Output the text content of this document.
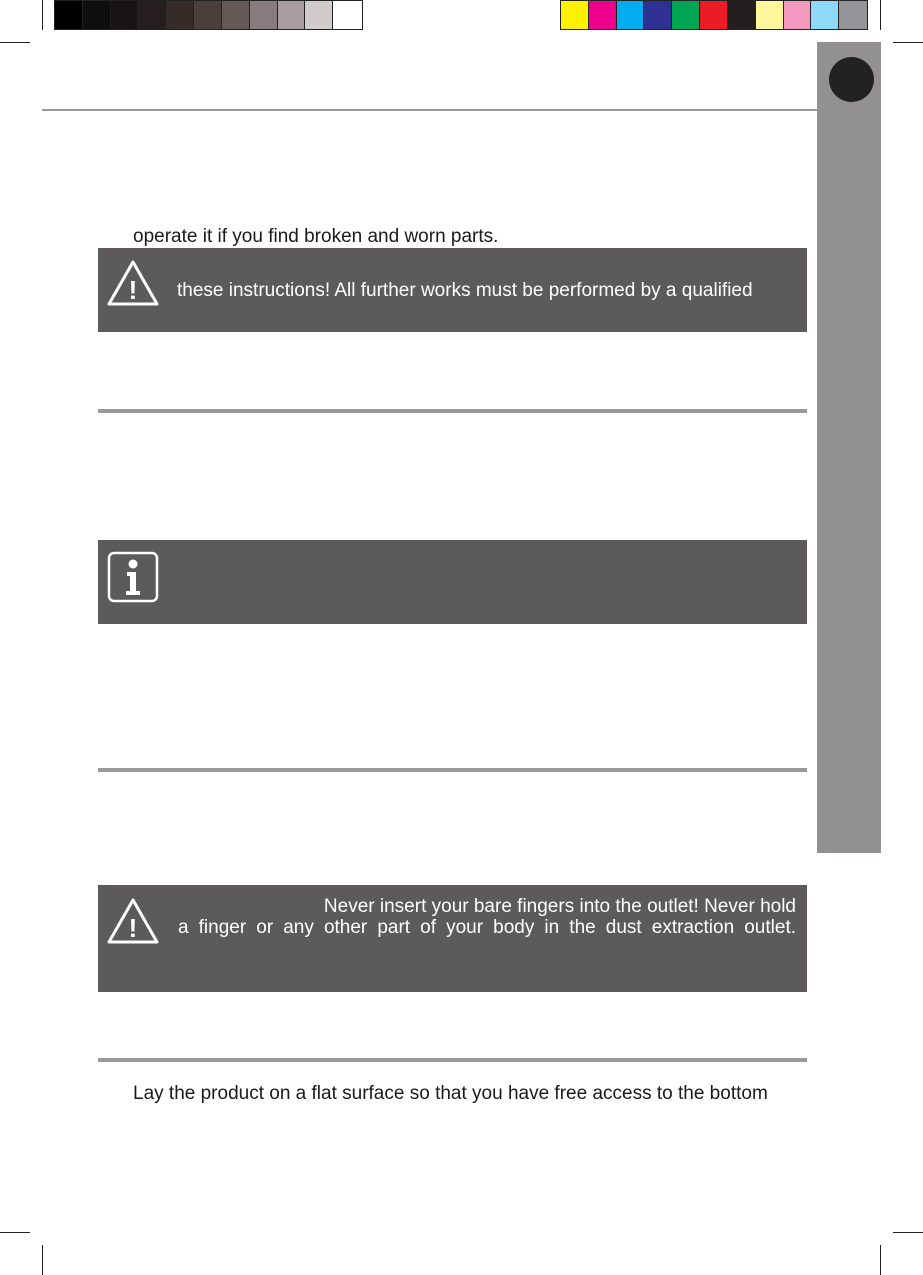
operate it if you find broken and worn parts.
! these instructions! All further works must be performed by a qualified
!
Never insert your bare fingers into the outlet! Never hold
a finger or any other part of your body in the dust extraction outlet.
Lay the product on a flat surface so that you have free access to the bottom
